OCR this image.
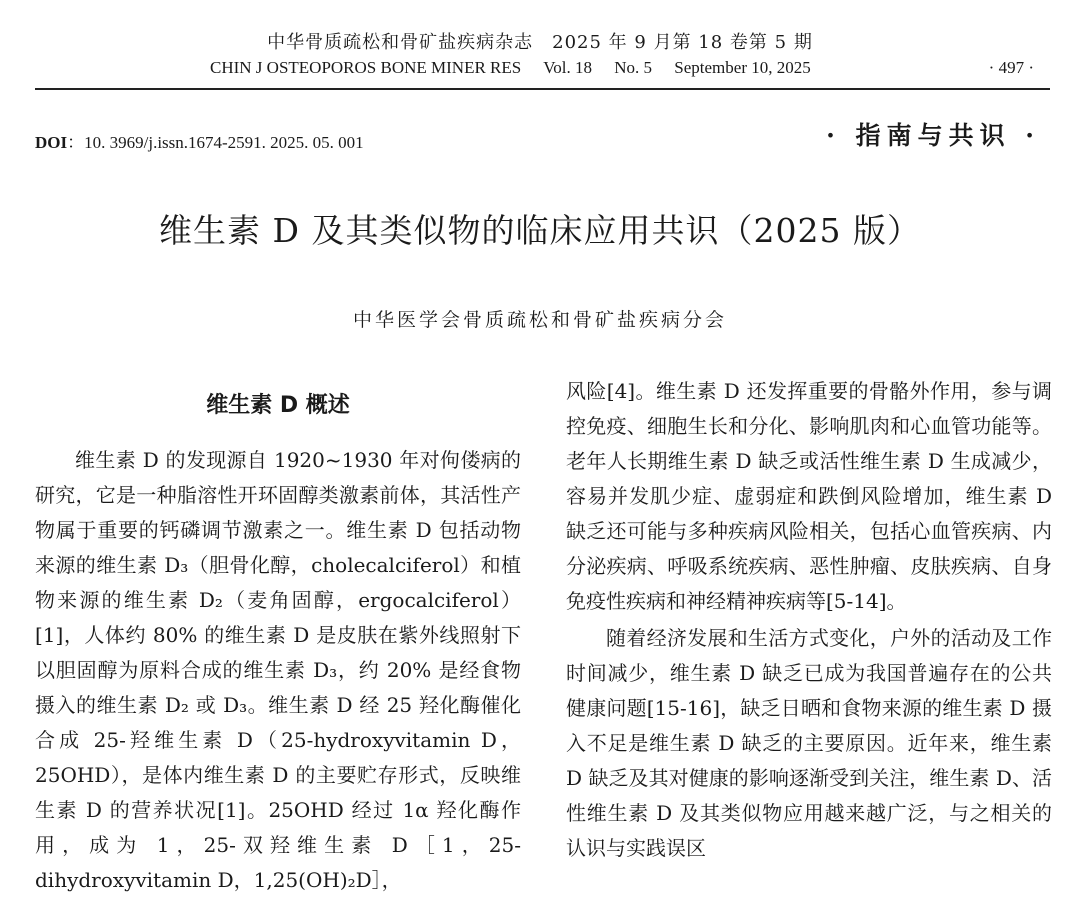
中华骨质疏松和骨矿盐疾病杂志　2025 年 9 月第 18 卷第 5 期
CHIN J OSTEOPOROS BONE MINER RES Vol. 18 No. 5 September 10, 2025	· 497 ·
DOI：10. 3969/j.issn.1674-2591. 2025. 05. 001	· 指南与共识 ·
维生素 D 及其类似物的临床应用共识（2025 版）
中华医学会骨质疏松和骨矿盐疾病分会
维生素 D 概述

维生素 D 的发现源自 1920~1930 年对佝偻病的研究，它是一种脂溶性开环固醇类激素前体，其活性产物属于重要的钙磷调节激素之一。维生素 D 包括动物来源的维生素 D₃（胆骨化醇，cholecalciferol）和植物来源的维生素 D₂（麦角固醇，ergocalciferol）[1]，人体约 80% 的维生素 D 是皮肤在紫外线照射下以胆固醇为原料合成的维生素 D₃，约 20% 是经食物摄入的维生素 D₂ 或 D₃。维生素 D 经 25 羟化酶催化合成 25-羟维生素 D（25-hydroxyvitamin D，25OHD），是体内维生素 D 的主要贮存形式，反映维生素 D 的营养状况[1]。25OHD 经过 1α 羟化酶作用，成为 1，25-双羟维生素 D［1，25-dihydroxyvitamin D，1,25(OH)₂D］，

风险[4]。维生素 D 还发挥重要的骨骼外作用，参与调控免疫、细胞生长和分化、影响肌肉和心血管功能等。老年人长期维生素 D 缺乏或活性维生素 D 生成减少，容易并发肌少症、虚弱症和跌倒风险增加，维生素 D 缺乏还可能与多种疾病风险相关，包括心血管疾病、内分泌疾病、呼吸系统疾病、恶性肿瘤、皮肤疾病、自身免疫性疾病和神经精神疾病等[5-14]。

随着经济发展和生活方式变化，户外的活动及工作时间减少，维生素 D 缺乏已成为我国普遍存在的公共健康问题[15-16]，缺乏日晒和食物来源的维生素 D 摄入不足是维生素 D 缺乏的主要原因。近年来，维生素 D 缺乏及其对健康的影响逐渐受到关注，维生素 D、活性维生素 D 及其类似物应用越来越广泛，与之相关的认识与实践误区
